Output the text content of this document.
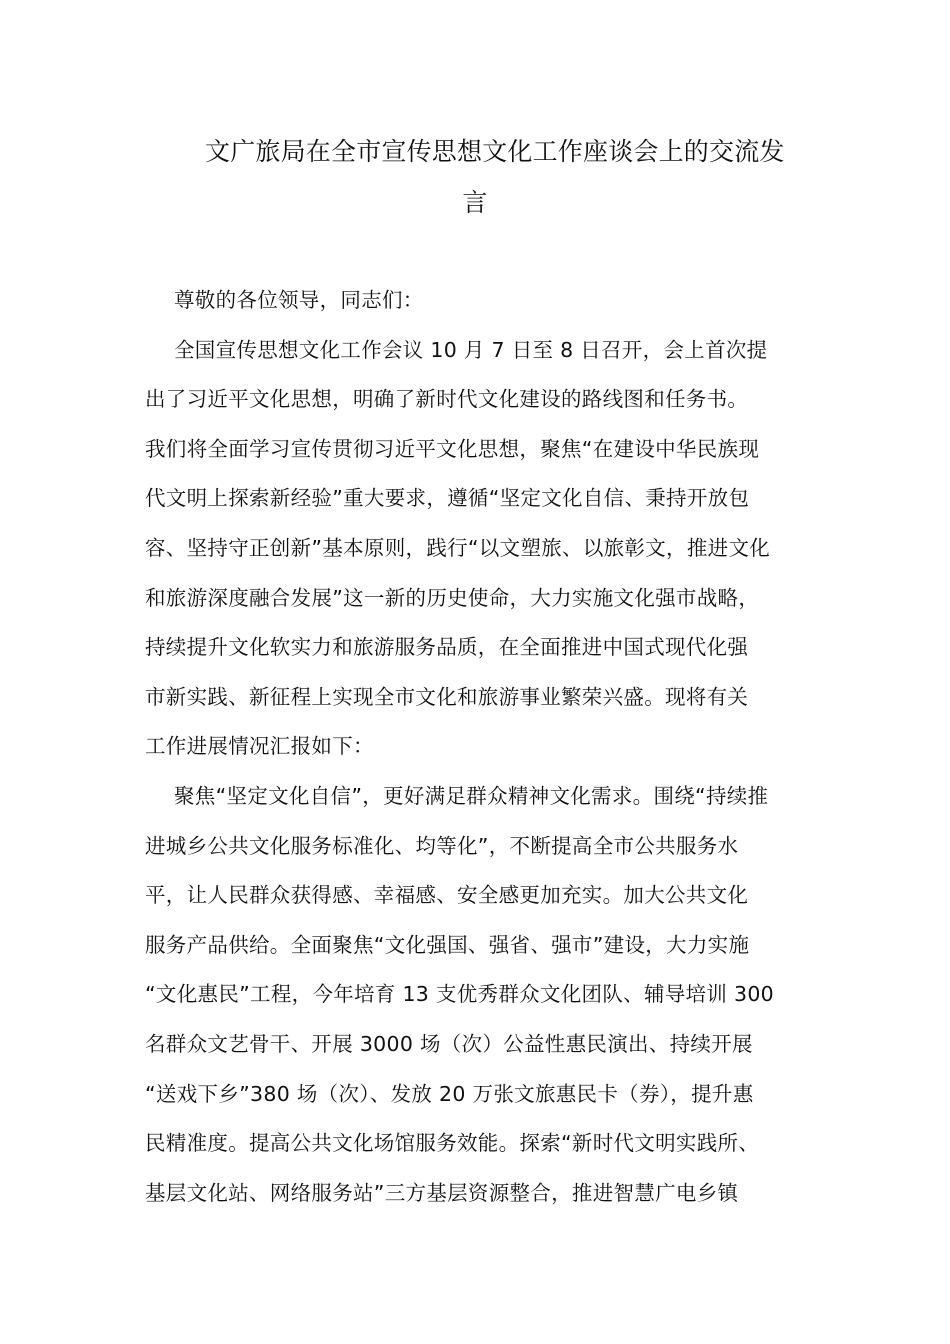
文广旅局在全市宣传思想文化工作座谈会上的交流发
言
尊敬的各位领导，同志们：
全国宣传思想文化工作会议 10 月 7 日至 8 日召开，会上首次提
出了习近平文化思想，明确了新时代文化建设的路线图和任务书。
我们将全面学习宣传贯彻习近平文化思想，聚焦“在建设中华民族现
代文明上探索新经验”重大要求，遵循“坚定文化自信、秉持开放包
容、坚持守正创新”基本原则，践行“以文塑旅、以旅彰文，推进文化
和旅游深度融合发展”这一新的历史使命，大力实施文化强市战略，
持续提升文化软实力和旅游服务品质，在全面推进中国式现代化强
市新实践、新征程上实现全市文化和旅游事业繁荣兴盛。现将有关
工作进展情况汇报如下：
聚焦“坚定文化自信”，更好满足群众精神文化需求。围绕“持续推
进城乡公共文化服务标准化、均等化”，不断提高全市公共服务水
平，让人民群众获得感、幸福感、安全感更加充实。加大公共文化
服务产品供给。全面聚焦“文化强国、强省、强市”建设，大力实施
“文化惠民”工程，今年培育 13 支优秀群众文化团队、辅导培训 300
名群众文艺骨干、开展 3000 场（次）公益性惠民演出、持续开展
“送戏下乡”380 场（次）、发放 20 万张文旅惠民卡（券），提升惠
民精准度。提高公共文化场馆服务效能。探索“新时代文明实践所、
基层文化站、网络服务站”三方基层资源整合，推进智慧广电乡镇
